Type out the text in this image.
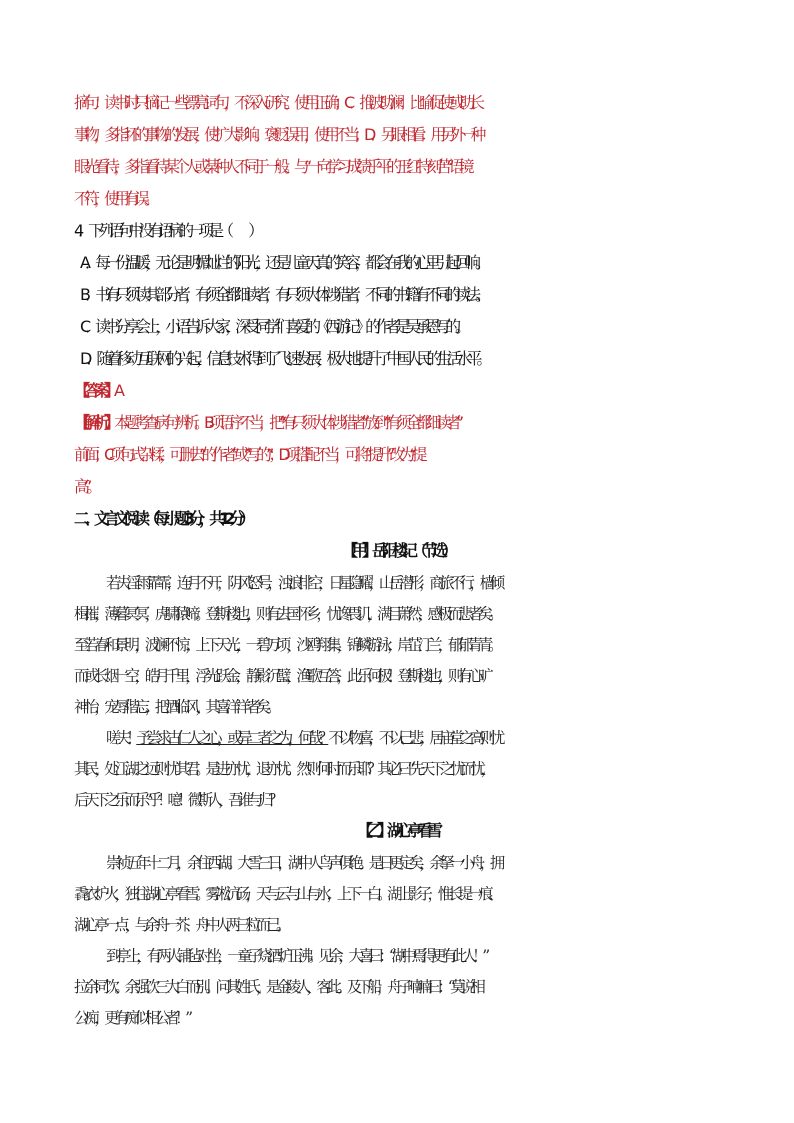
摘句：读书时只摘记一些漂亮词句，不深入研究。使用正确；C．推波助澜：比喻促使或助长
事物，多指坏的事物的发展，使扩大影响。褒贬误用，使用不当；D．另眼相看：用另外一种
眼光看待，多指看待某个人或某种人不同于一般。与“一向学习成绩乎平的王红特刻苦”语境
不符，使用有误。
4．下列语句中没有语病的一项是（　　）
A．每一份温暖，无论是明媚灿烂的阳光，还是儿童天真的笑容，都会在我的心里引起回响。
B．书有只须读其部分者，有须全都细读者，有只须大体涉猎者，不同的书籍有不同的读法。
C．读书分享会上，小语告诉大家，深受同学们喜爱的《西游记》的作者是吴承恩写的。
D．随着移动互联网的兴起，信息技术得到了飞速发展，极大地提升了中国人民的生活水平。
【答案】A
【解析】本题考查病句辨析。B项语序不当，把“有只须大体涉猎者”放到“有须全都细读者”
前面；C项句式杂糅，可删去“的作者”或“写的”；D项搭配不当，可将“提升”改为“提
高”。
二、文言文阅读（每小题3分，共12分）
【甲】岳阳楼记（节选）
若夫淫雨霏霏，连月不开，阴风怒号，浊浪排空，日星隐曜，山岳潜形，商旅不行，樯倾
楫摧，薄暮冥冥，虎啸猿啼。登斯楼也，则有去国怀乡，忧谗畏讥，满目萧然，感极而悲者矣。
至若春和景明，波澜不惊，上下天光，一碧万顷，沙鸥翔集，锦鳞游泳，岸芷汀兰，郁郁青青。
而或长烟一空，皓月千里，浮光跃金，静影沉璧，渔歌互答，此乐何极！登斯楼也，则有心旷
神怡，宠辱偕忘，把酒临风，其喜洋洋者矣。
嗟夫！予尝求古仁人之心，或异二者之为，何哉？不以物喜，不以己悲，居庙堂之高则忧
其民，处江湖之远则忧其君。是进亦忧，退亦忧。然则何时而乐耶？其必曰“先天下之忧而忧，
后天下之乐而乐”乎！噫！微斯人，吾谁与归？
【乙】湖心亭看雪
崇祯五年十二月，余住西湖。大雪三日，湖中人鸟声俱绝。是日更定矣，余拏一小舟，拥
毳衣炉火，独往湖心亭看雪。雾凇沆砀，天与云与山与水，上下一白。湖上影子，惟长堤一痕、
湖心亭一点，与余舟一芥、舟中人两三粒而已。
到亭上，有两人铺毡对坐，一童子烧酒炉正沸。见余，大喜曰：“湖中焉得更有此人！”
拉余同饮。余强饮三大白而别。问其姓氏，是金陵人，客此。及下船，舟子喃喃曰：“莫说相
公痴，更有痴似相公者！”
